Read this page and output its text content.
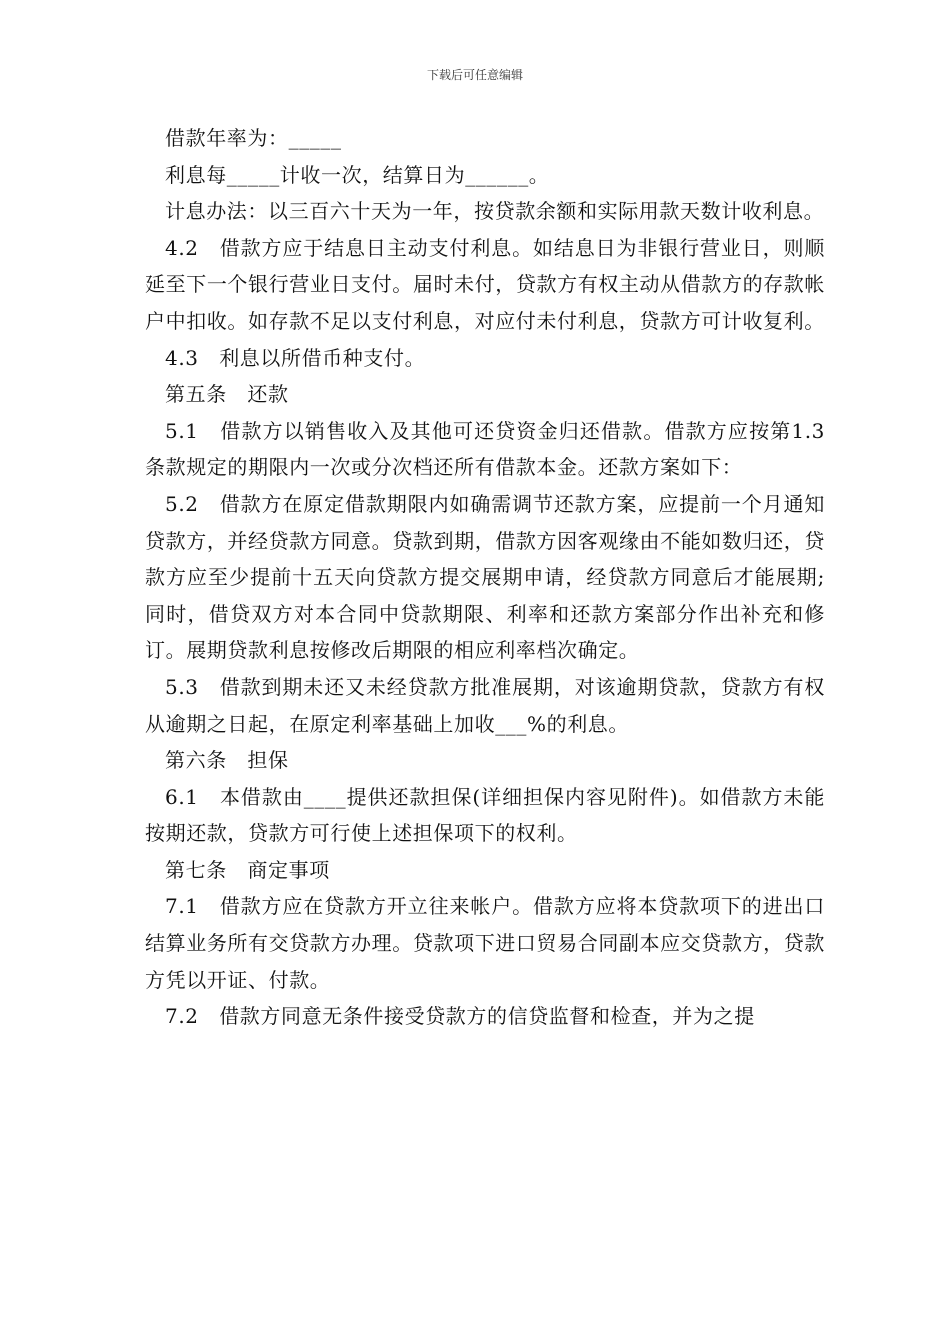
下载后可任意编辑

借款年率为：_____

利息每_____计收一次，结算日为______。

计息办法：以三百六十天为一年，按贷款余额和实际用款天数计收利息。

4.2　借款方应于结息日主动支付利息。如结息日为非银行营业日，则顺延至下一个银行营业日支付。届时未付，贷款方有权主动从借款方的存款帐户中扣收。如存款不足以支付利息，对应付未付利息，贷款方可计收复利。

4.3　利息以所借币种支付。

第五条　还款

5.1　借款方以销售收入及其他可还贷资金归还借款。借款方应按第1.3条款规定的期限内一次或分次档还所有借款本金。还款方案如下：

5.2　借款方在原定借款期限内如确需调节还款方案，应提前一个月通知贷款方，并经贷款方同意。贷款到期，借款方因客观缘由不能如数归还，贷款方应至少提前十五天向贷款方提交展期申请，经贷款方同意后才能展期;同时，借贷双方对本合同中贷款期限、利率和还款方案部分作出补充和修订。展期贷款利息按修改后期限的相应利率档次确定。

5.3　借款到期未还又未经贷款方批准展期，对该逾期贷款，贷款方有权从逾期之日起，在原定利率基础上加收___%的利息。

第六条　担保

6.1　本借款由____提供还款担保(详细担保内容见附件)。如借款方未能按期还款，贷款方可行使上述担保项下的权利。

第七条　商定事项

7.1　借款方应在贷款方开立往来帐户。借款方应将本贷款项下的进出口结算业务所有交贷款方办理。贷款项下进口贸易合同副本应交贷款方，贷款方凭以开证、付款。

7.2　借款方同意无条件接受贷款方的信贷监督和检查，并为之提
